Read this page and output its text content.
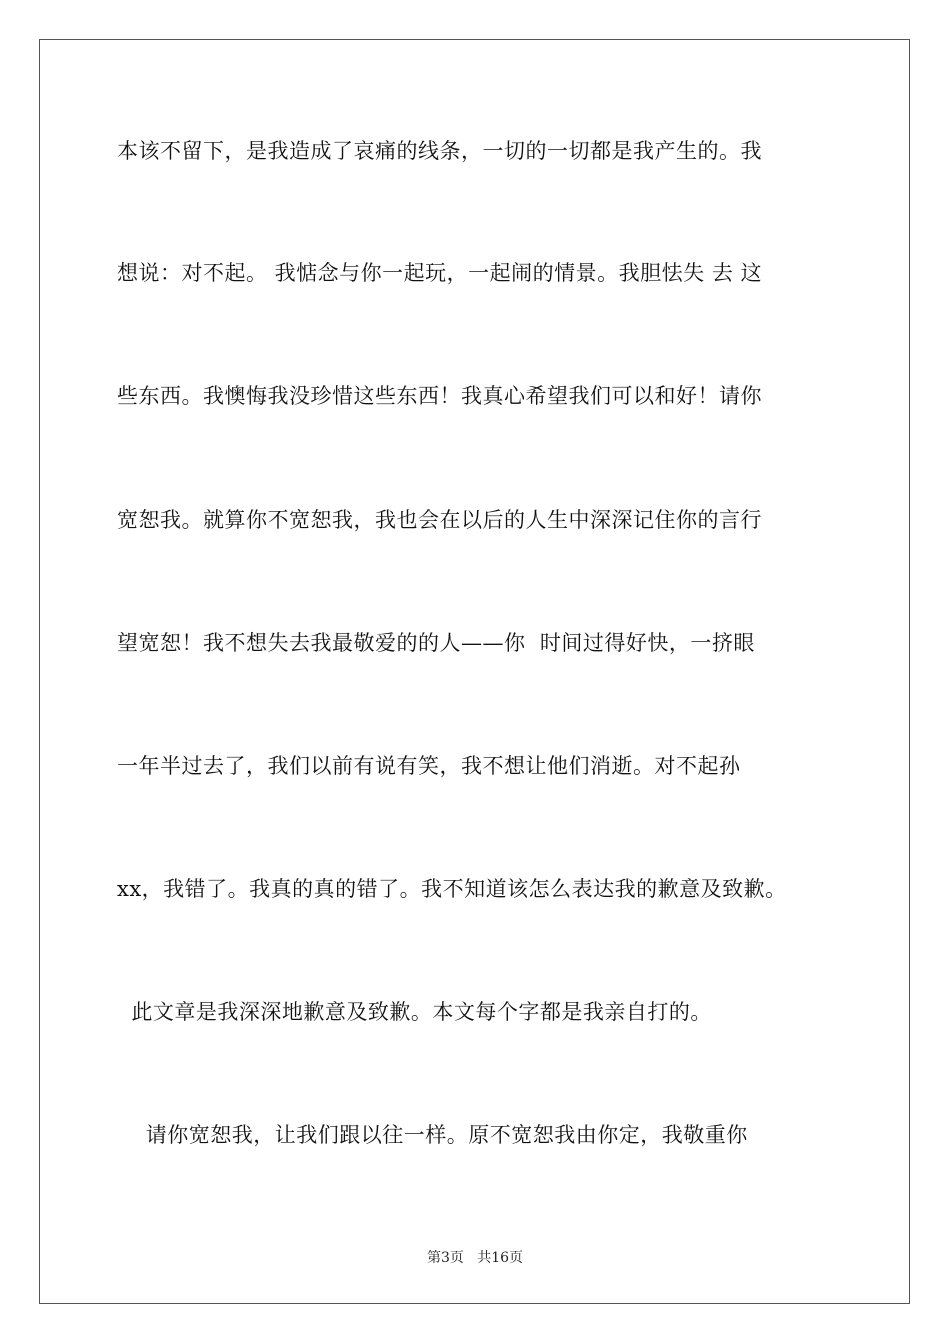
本该不留下，是我造成了哀痛的线条，一切的一切都是我产生的。我
想说：对不起。 我惦念与你一起玩，一起闹的情景。我胆怯失 去 这
些东西。我懊悔我没珍惜这些东西！我真心希望我们可以和好！请你
宽恕我。就算你不宽恕我，我也会在以后的人生中深深记住你的言行
望宽恕！我不想失去我最敬爱的的人——你  时间过得好快，一挤眼
一年半过去了，我们以前有说有笑，我不想让他们消逝。对不起孙
xx，我错了。我真的真的错了。我不知道该怎么表达我的歉意及致歉。
此文章是我深深地歉意及致歉。本文每个字都是我亲自打的。
请你宽恕我，让我们跟以往一样。原不宽恕我由你定，我敬重你
第3页   共16页
